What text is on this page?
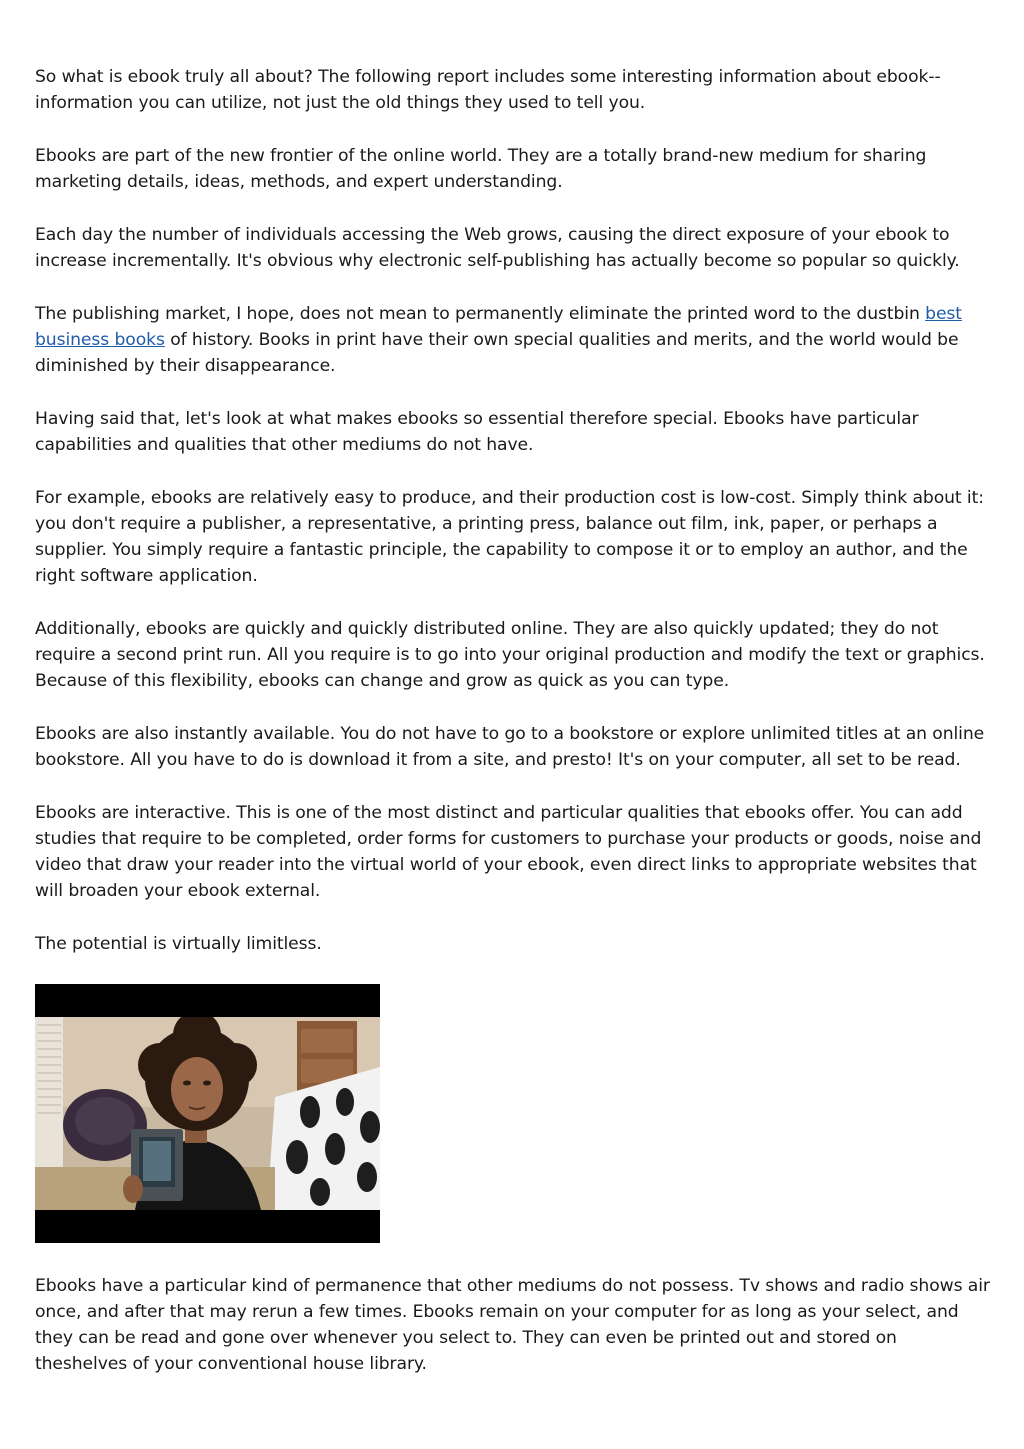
So what is ebook truly all about? The following report includes some interesting information about ebook--information you can utilize, not just the old things they used to tell you.

Ebooks are part of the new frontier of the online world. They are a totally brand-new medium for sharing marketing details, ideas, methods, and expert understanding.

Each day the number of individuals accessing the Web grows, causing the direct exposure of your ebook to increase incrementally. It's obvious why electronic self-publishing has actually become so popular so quickly.

The publishing market, I hope, does not mean to permanently eliminate the printed word to the dustbin best business books of history. Books in print have their own special qualities and merits, and the world would be diminished by their disappearance.

Having said that, let's look at what makes ebooks so essential therefore special. Ebooks have particular capabilities and qualities that other mediums do not have.

For example, ebooks are relatively easy to produce, and their production cost is low-cost. Simply think about it: you don't require a publisher, a representative, a printing press, balance out film, ink, paper, or perhaps a supplier. You simply require a fantastic principle, the capability to compose it or to employ an author, and the right software application.

Additionally, ebooks are quickly and quickly distributed online. They are also quickly updated; they do not require a second print run. All you require is to go into your original production and modify the text or graphics. Because of this flexibility, ebooks can change and grow as quick as you can type.

Ebooks are also instantly available. You do not have to go to a bookstore or explore unlimited titles at an online bookstore. All you have to do is download it from a site, and presto! It's on your computer, all set to be read.

Ebooks are interactive. This is one of the most distinct and particular qualities that ebooks offer. You can add studies that require to be completed, order forms for customers to purchase your products or goods, noise and video that draw your reader into the virtual world of your ebook, even direct links to appropriate websites that will broaden your ebook external.

The potential is virtually limitless.

Ebooks have a particular kind of permanence that other mediums do not possess. Tv shows and radio shows air once, and after that may rerun a few times. Ebooks remain on your computer for as long as your select, and they can be read and gone over whenever you select to. They can even be printed out and stored on theshelves of your conventional house library.
